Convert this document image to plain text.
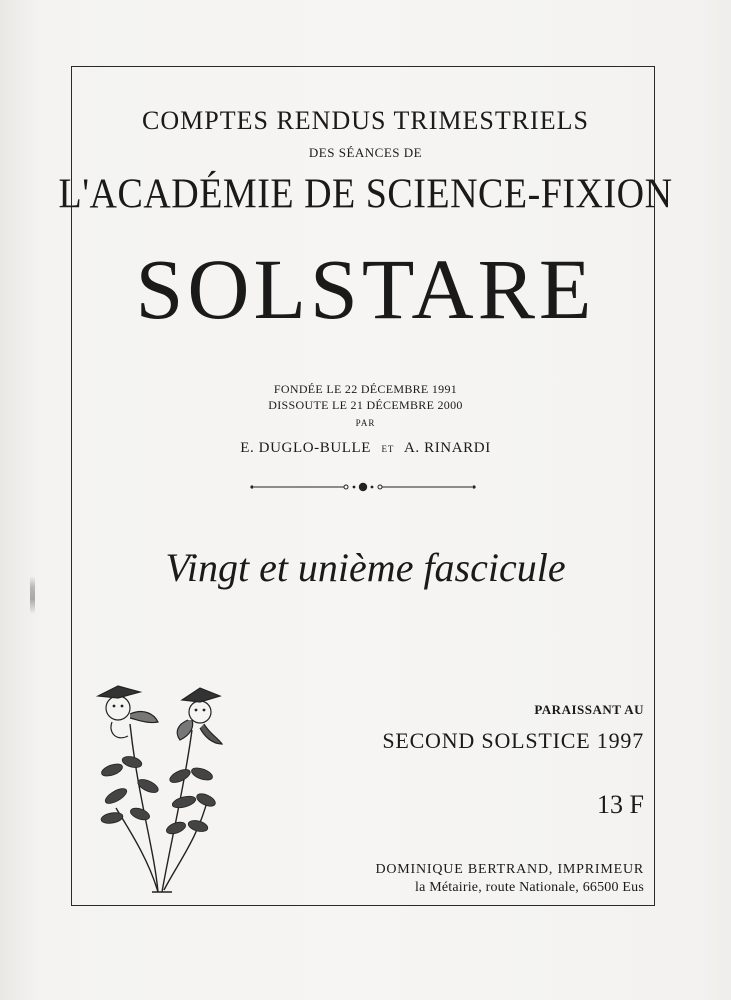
COMPTES RENDUS TRIMESTRIELS
DES SÉANCES DE
L'ACADÉMIE DE SCIENCE-FIXION
SOLSTARE
FONDÉE LE 22 DÉCEMBRE 1991
DISSOUTE LE 21 DÉCEMBRE 2000
PAR
E. DUGLO-BULLE ET A. RINARDI
Vingt et unième fascicule
PARAISSANT AU
SECOND SOLSTICE 1997
13 F
DOMINIQUE BERTRAND, IMPRIMEUR
la Métairie, route Nationale, 66500 Eus
